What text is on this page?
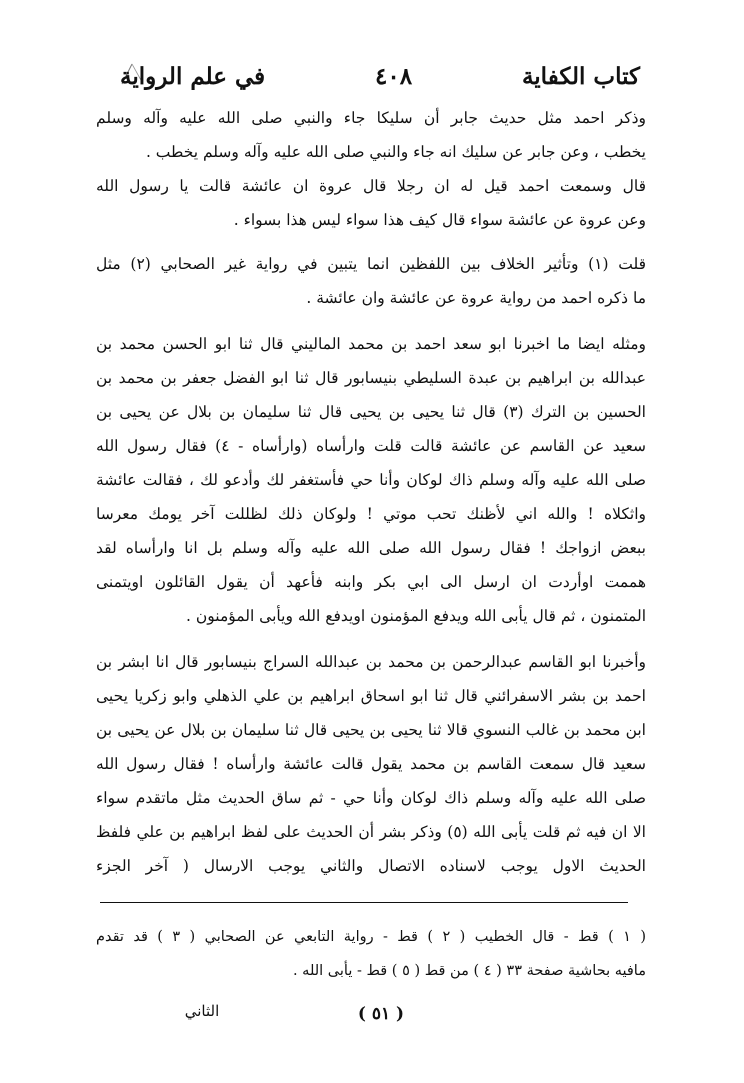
كتاب الكفاية
٤٠٨
في علم الرواية
وذكر احمد مثل حديث جابر أن سليكا جاء والنبي صلى الله عليه وآله وسلم
يخطب ، وعن جابر عن سليك انه جاء والنبي صلى الله عليه وآله وسلم يخطب .
قال وسمعت احمد قيل له ان رجلا قال عروة ان عائشة قالت يا رسول الله
وعن عروة عن عائشة سواء قال كيف هذا سواء ليس هذا بسواء .
قلت (١) وتأثير الخلاف بين اللفظين انما يتبين في رواية غير الصحابي (٢) مثل
ما ذكره احمد من رواية عروة عن عائشة وان عائشة .
ومثله ايضا ما اخبرنا ابو سعد احمد بن محمد الماليني قال ثنا ابو الحسن محمد بن
عبدالله بن ابراهيم بن عبدة السليطي بنيسابور قال ثنا ابو الفضل جعفر بن محمد بن
الحسين بن الترك (٣) قال ثنا يحيى بن يحيى قال ثنا سليمان بن بلال عن يحيى بن
سعيد عن القاسم عن عائشة قالت قلت وارأساه (وارأساه - ٤) فقال رسول الله
صلى الله عليه وآله وسلم ذاك لوكان وأنا حي فأستغفر لك وأدعو لك ، فقالت عائشة
واثكلاه ! والله اني لأظنك تحب موتي ! ولوكان ذلك لظللت آخر يومك معرسا
ببعض ازواجك ! فقال رسول الله صلى الله عليه وآله وسلم بل انا وارأساه لقد
هممت اوأردت ان ارسل الى ابي بكر وابنه فأعهد أن يقول القائلون اويتمنى
المتمنون ، ثم قال يأبى الله ويدفع المؤمنون اويدفع الله ويأبى المؤمنون .
وأخبرنا ابو القاسم عبدالرحمن بن محمد بن عبدالله السراج بنيسابور قال انا ابشر بن
احمد بن بشر الاسفرائني قال ثنا ابو اسحاق ابراهيم بن علي الذهلي وابو زكريا يحيى
ابن محمد بن غالب النسوي قالا ثنا يحيى بن يحيى قال ثنا سليمان بن بلال عن يحيى بن
سعيد قال سمعت القاسم بن محمد يقول قالت عائشة وارأساه ! فقال رسول الله
صلى الله عليه وآله وسلم ذاك لوكان وأنا حي - ثم ساق الحديث مثل ماتقدم سواء
الا ان فيه ثم قلت يأبى الله (٥) وذكر بشر أن الحديث على لفظ ابراهيم بن علي فلفظ
الحديث الاول يوجب لاسناده الاتصال والثاني يوجب الارسال ( آخر الجزء
( ١ ) قط - قال الخطيب ( ٢ ) قط - رواية التابعي عن الصحابي ( ٣ ) قد تقدم
مافيه بحاشية صفحة ٣٣ ( ٤ ) من قط ( ٥ ) قط - يأبى الله .
الثاني	( ٥١ )
